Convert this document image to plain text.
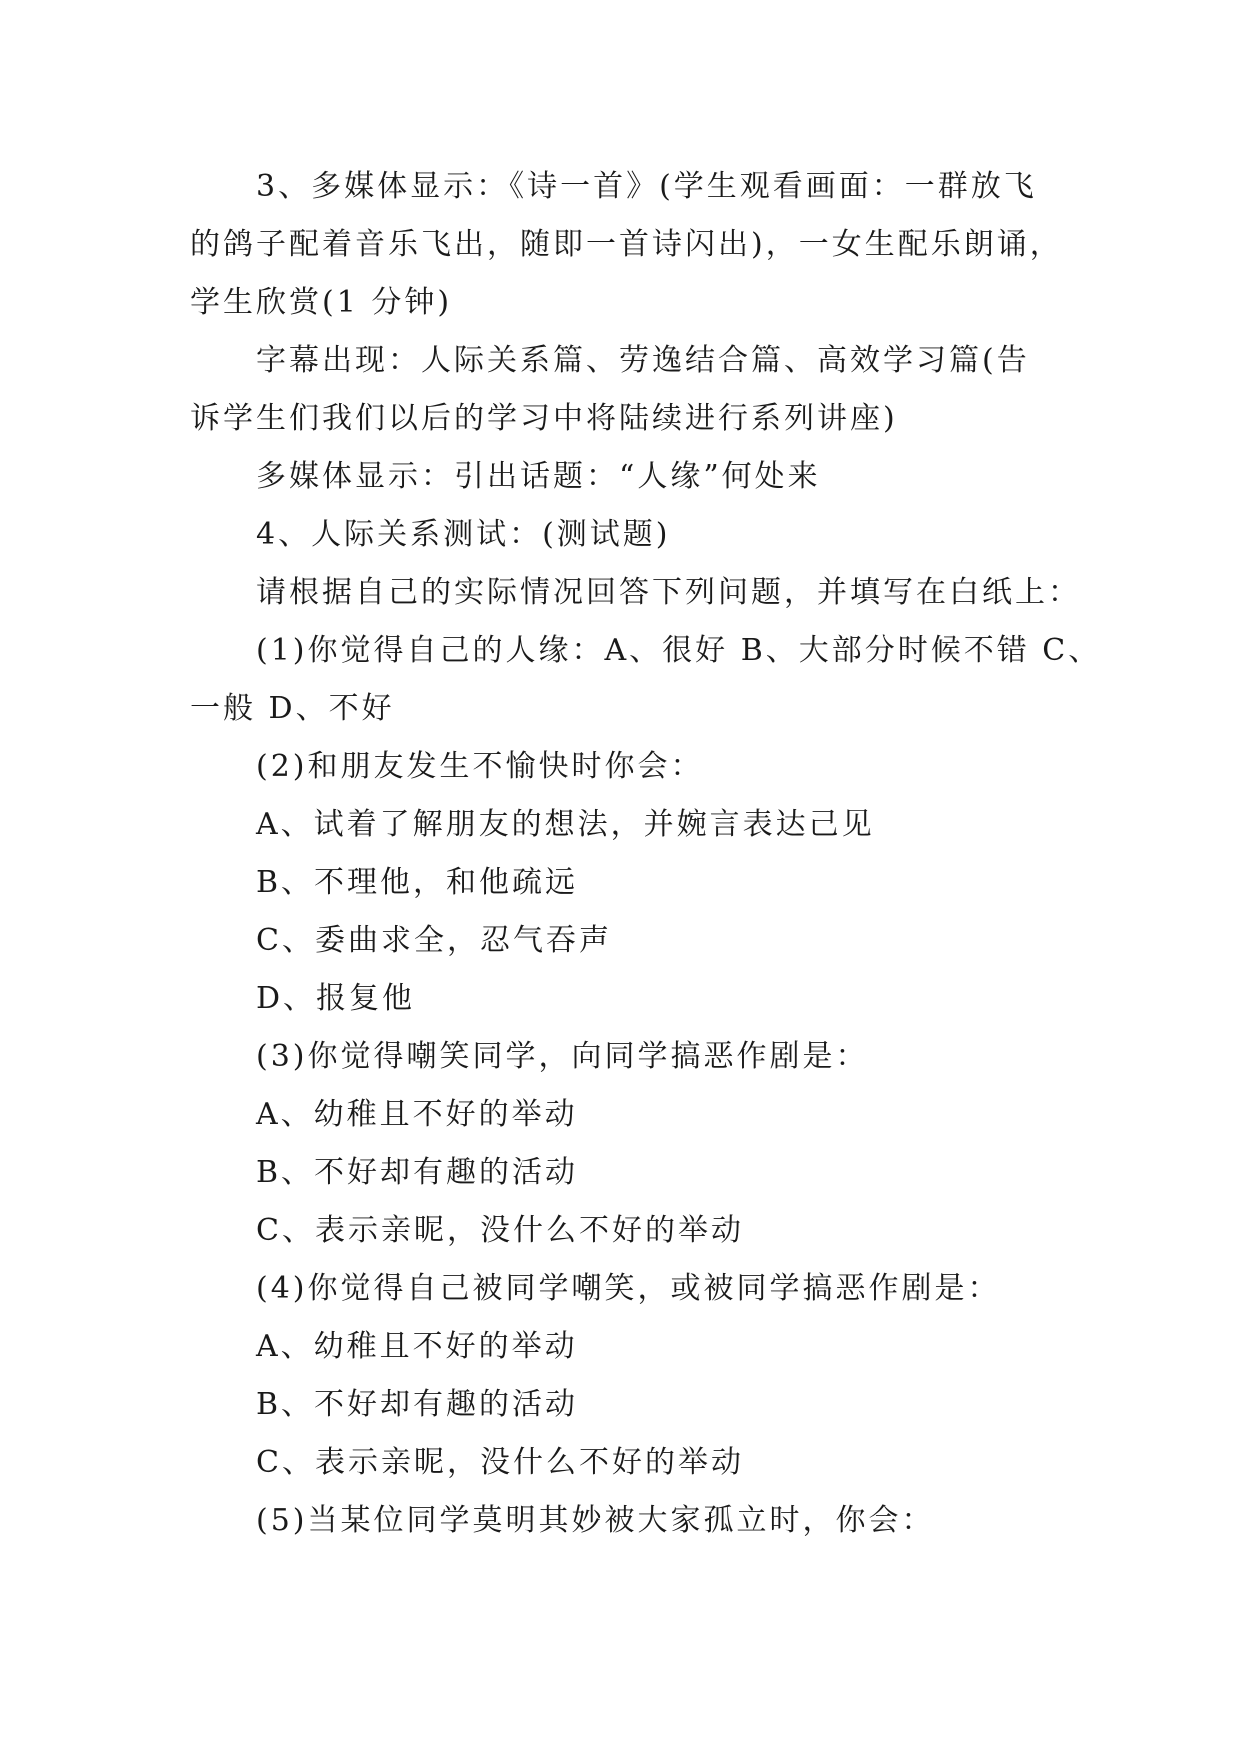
3、多媒体显示：《诗一首》(学生观看画面：一群放飞
的鸽子配着音乐飞出，随即一首诗闪出)，一女生配乐朗诵，
学生欣赏(1 分钟)
字幕出现：人际关系篇、劳逸结合篇、高效学习篇(告
诉学生们我们以后的学习中将陆续进行系列讲座)
多媒体显示：引出话题：“人缘”何处来
4、人际关系测试：(测试题)
请根据自己的实际情况回答下列问题，并填写在白纸上：
(1)你觉得自己的人缘：A、很好 B、大部分时候不错 C、
一般 D、不好
(2)和朋友发生不愉快时你会：
A、试着了解朋友的想法，并婉言表达己见
B、不理他，和他疏远
C、委曲求全，忍气吞声
D、报复他
(3)你觉得嘲笑同学，向同学搞恶作剧是：
A、幼稚且不好的举动
B、不好却有趣的活动
C、表示亲昵，没什么不好的举动
(4)你觉得自己被同学嘲笑，或被同学搞恶作剧是：
A、幼稚且不好的举动
B、不好却有趣的活动
C、表示亲昵，没什么不好的举动
(5)当某位同学莫明其妙被大家孤立时，你会：
